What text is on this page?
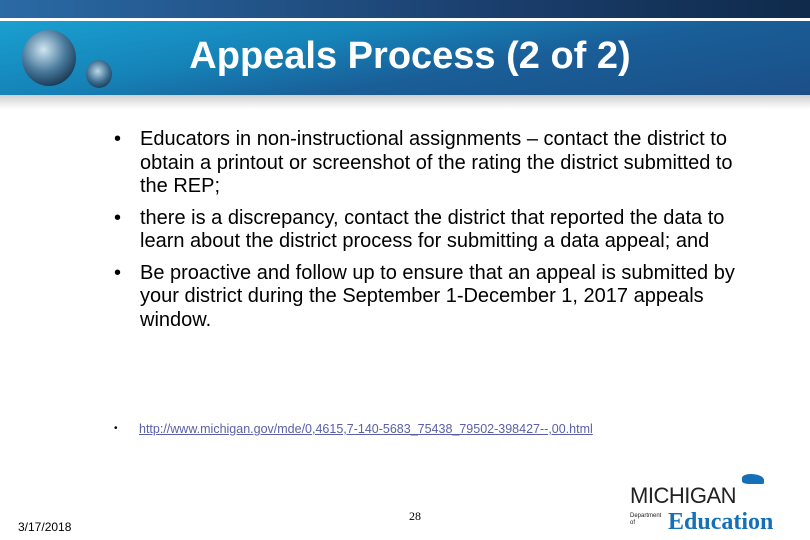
Appeals Process (2 of 2)
• Educators in non-instructional assignments – contact the district to obtain a printout or screenshot of the rating the district submitted to the REP;
• there is a discrepancy, contact the district that reported the data to learn about the district process for submitting a data appeal; and
• Be proactive and follow up to ensure that an appeal is submitted by your district during the September 1-December 1, 2017 appeals window.
• http://www.michigan.gov/mde/0,4615,7-140-5683_75438_79502-398427--,00.html
3/17/2018
28
MICHIGAN
Department of	Education
